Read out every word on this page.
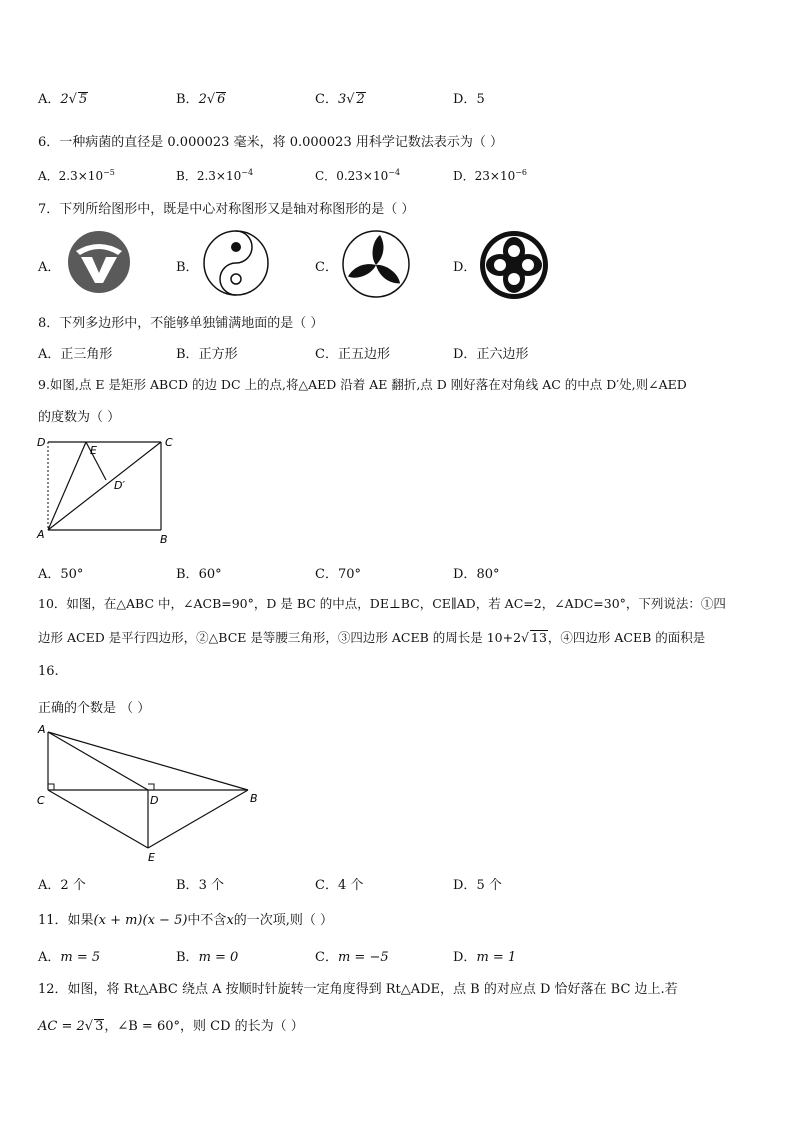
A．2√ 5	B．2√ 6	C．3√ 2	D．5
6．一种病菌的直径是 0.000023 毫米，将 0.000023 用科学记数法表示为（ ）
A．$2.3\times 10^{-5}$	B．$2.3\times 10^{-4}$	C．$0.23\times 10^{-4}$	D．$23\times 10^{-6}$
7．下列所给图形中，既是中心对称图形又是轴对称图形的是（ ）
A．	B．	C．	D．
8．下列多边形中，不能够单独铺满地面的是（ ）
A．正三角形	B．正方形	C．正五边形	D．正六边形
9.如图,点 E 是矩形 ABCD 的边 DC 上的点,将△AED 沿着 AE 翻折,点 D 刚好落在对角线 AC 的中点 D′处,则∠AED
的度数为（ ）
D
E
C
D′
A	B
A．50°	B．60°	C．70°	D．80°
10．如图，在△ABC 中，∠ACB=90°，D 是 BC 的中点，DE⊥BC，CE∥AD，若 AC=2，∠ADC=30°，下列说法：①四
边形 ACED 是平行四边形，②△BCE 是等腰三角形，③四边形 ACEB 的周长是 10+2√ 13，④四边形 ACEB 的面积是
16.
正确的个数是 （ ）
A
C	D	B
E
A．2 个	B．3 个	C．4 个	D．5 个
11．如果(x + m)(x − 5)中不含x的一次项,则（ ）
A．m = 5	B．m = 0	C．m = −5	D．m = 1
12．如图，将 Rt△ABC 绕点 A 按顺时针旋转一定角度得到 Rt△ADE，点 B 的对应点 D 恰好落在 BC 边上.若
AC = 2√ 3，∠B = 60°，则 CD 的长为（ ）
